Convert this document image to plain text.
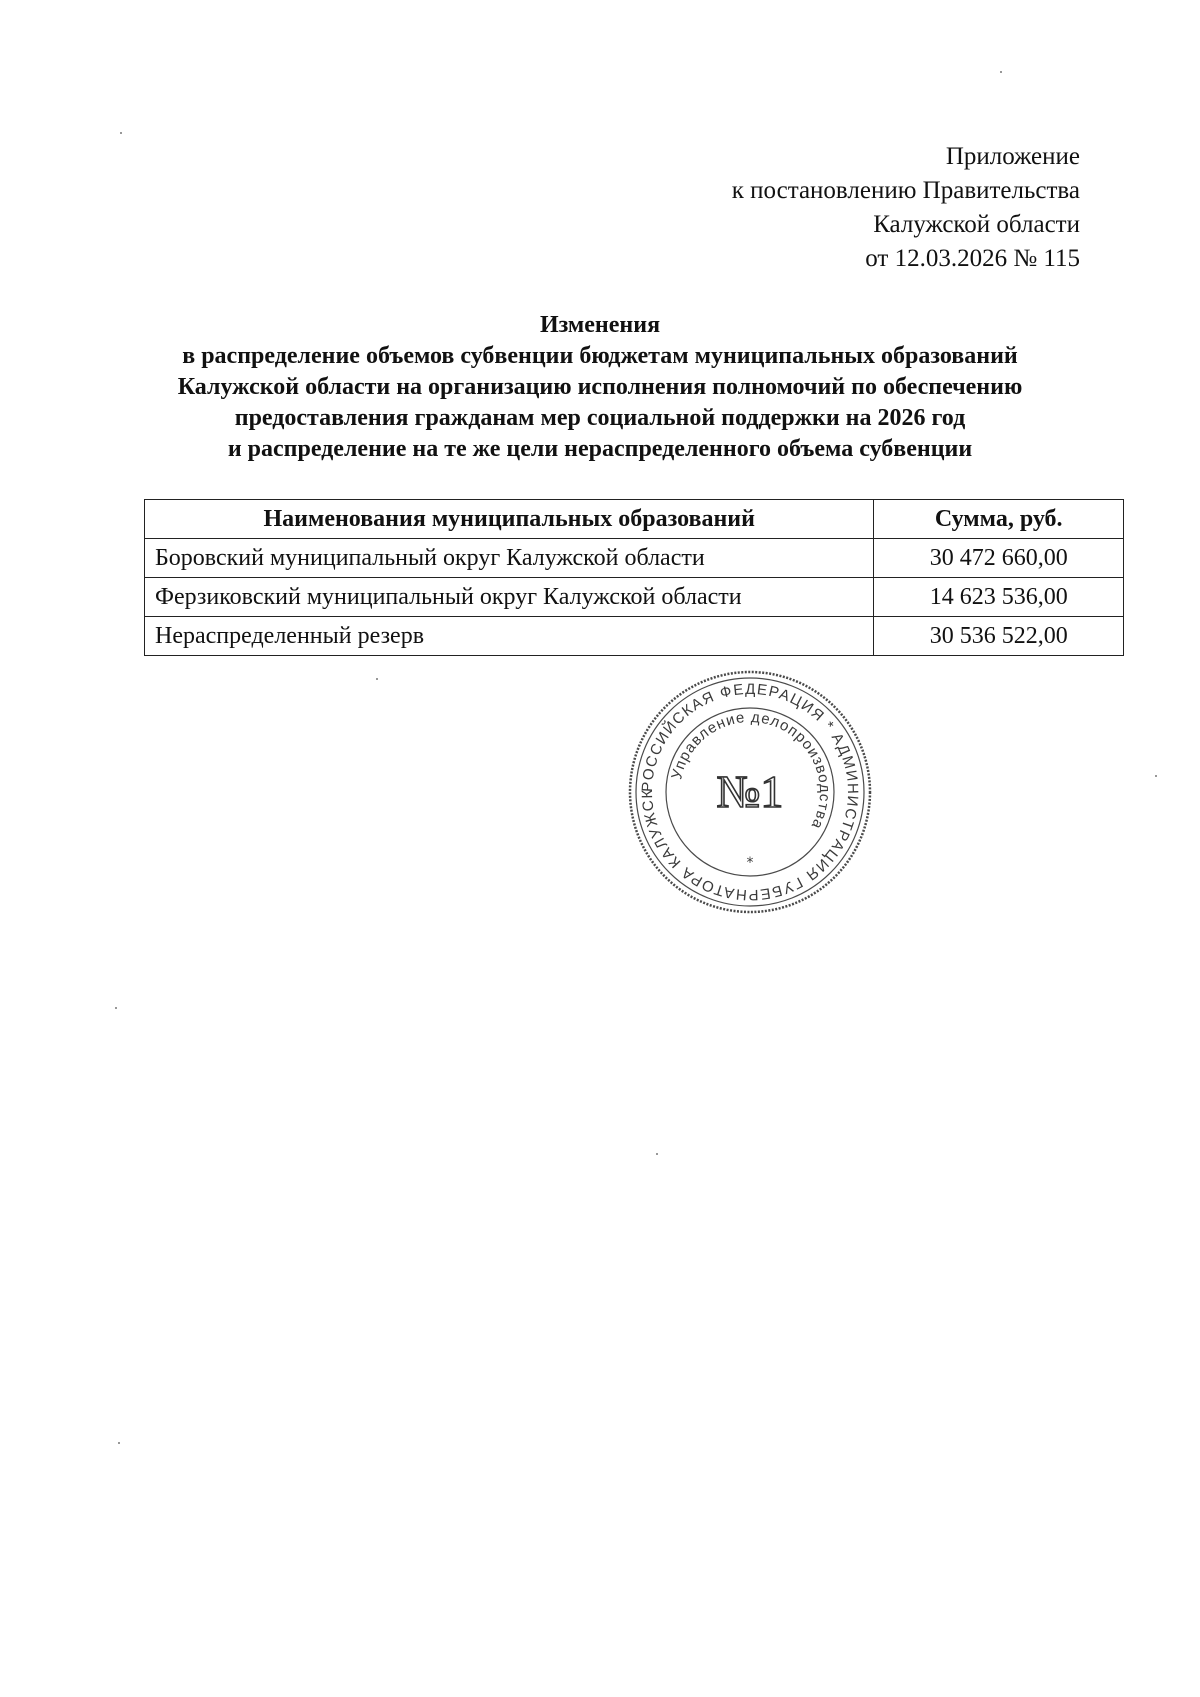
Приложение
к постановлению Правительства
Калужской области
от 12.03.2026 № 115
Изменения
в распределение объемов субвенции бюджетам муниципальных образований
Калужской области на организацию исполнения полномочий по обеспечению
предоставления гражданам мер социальной поддержки на 2026 год
и распределение на те же цели нераспределенного объема субвенции
Наименования муниципальных образований	Сумма, руб.
Боровский муниципальный округ Калужской области	30 472 660,00
Ферзиковский муниципальный округ Калужской области	14 623 536,00
Нераспределенный резерв	30 536 522,00
РОССИЙСКАЯ ФЕДЕРАЦИЯ * АДМИНИСТРАЦИЯ ГУБЕРНАТОРА КАЛУЖСК
Управление делопроизводства
№1
*
